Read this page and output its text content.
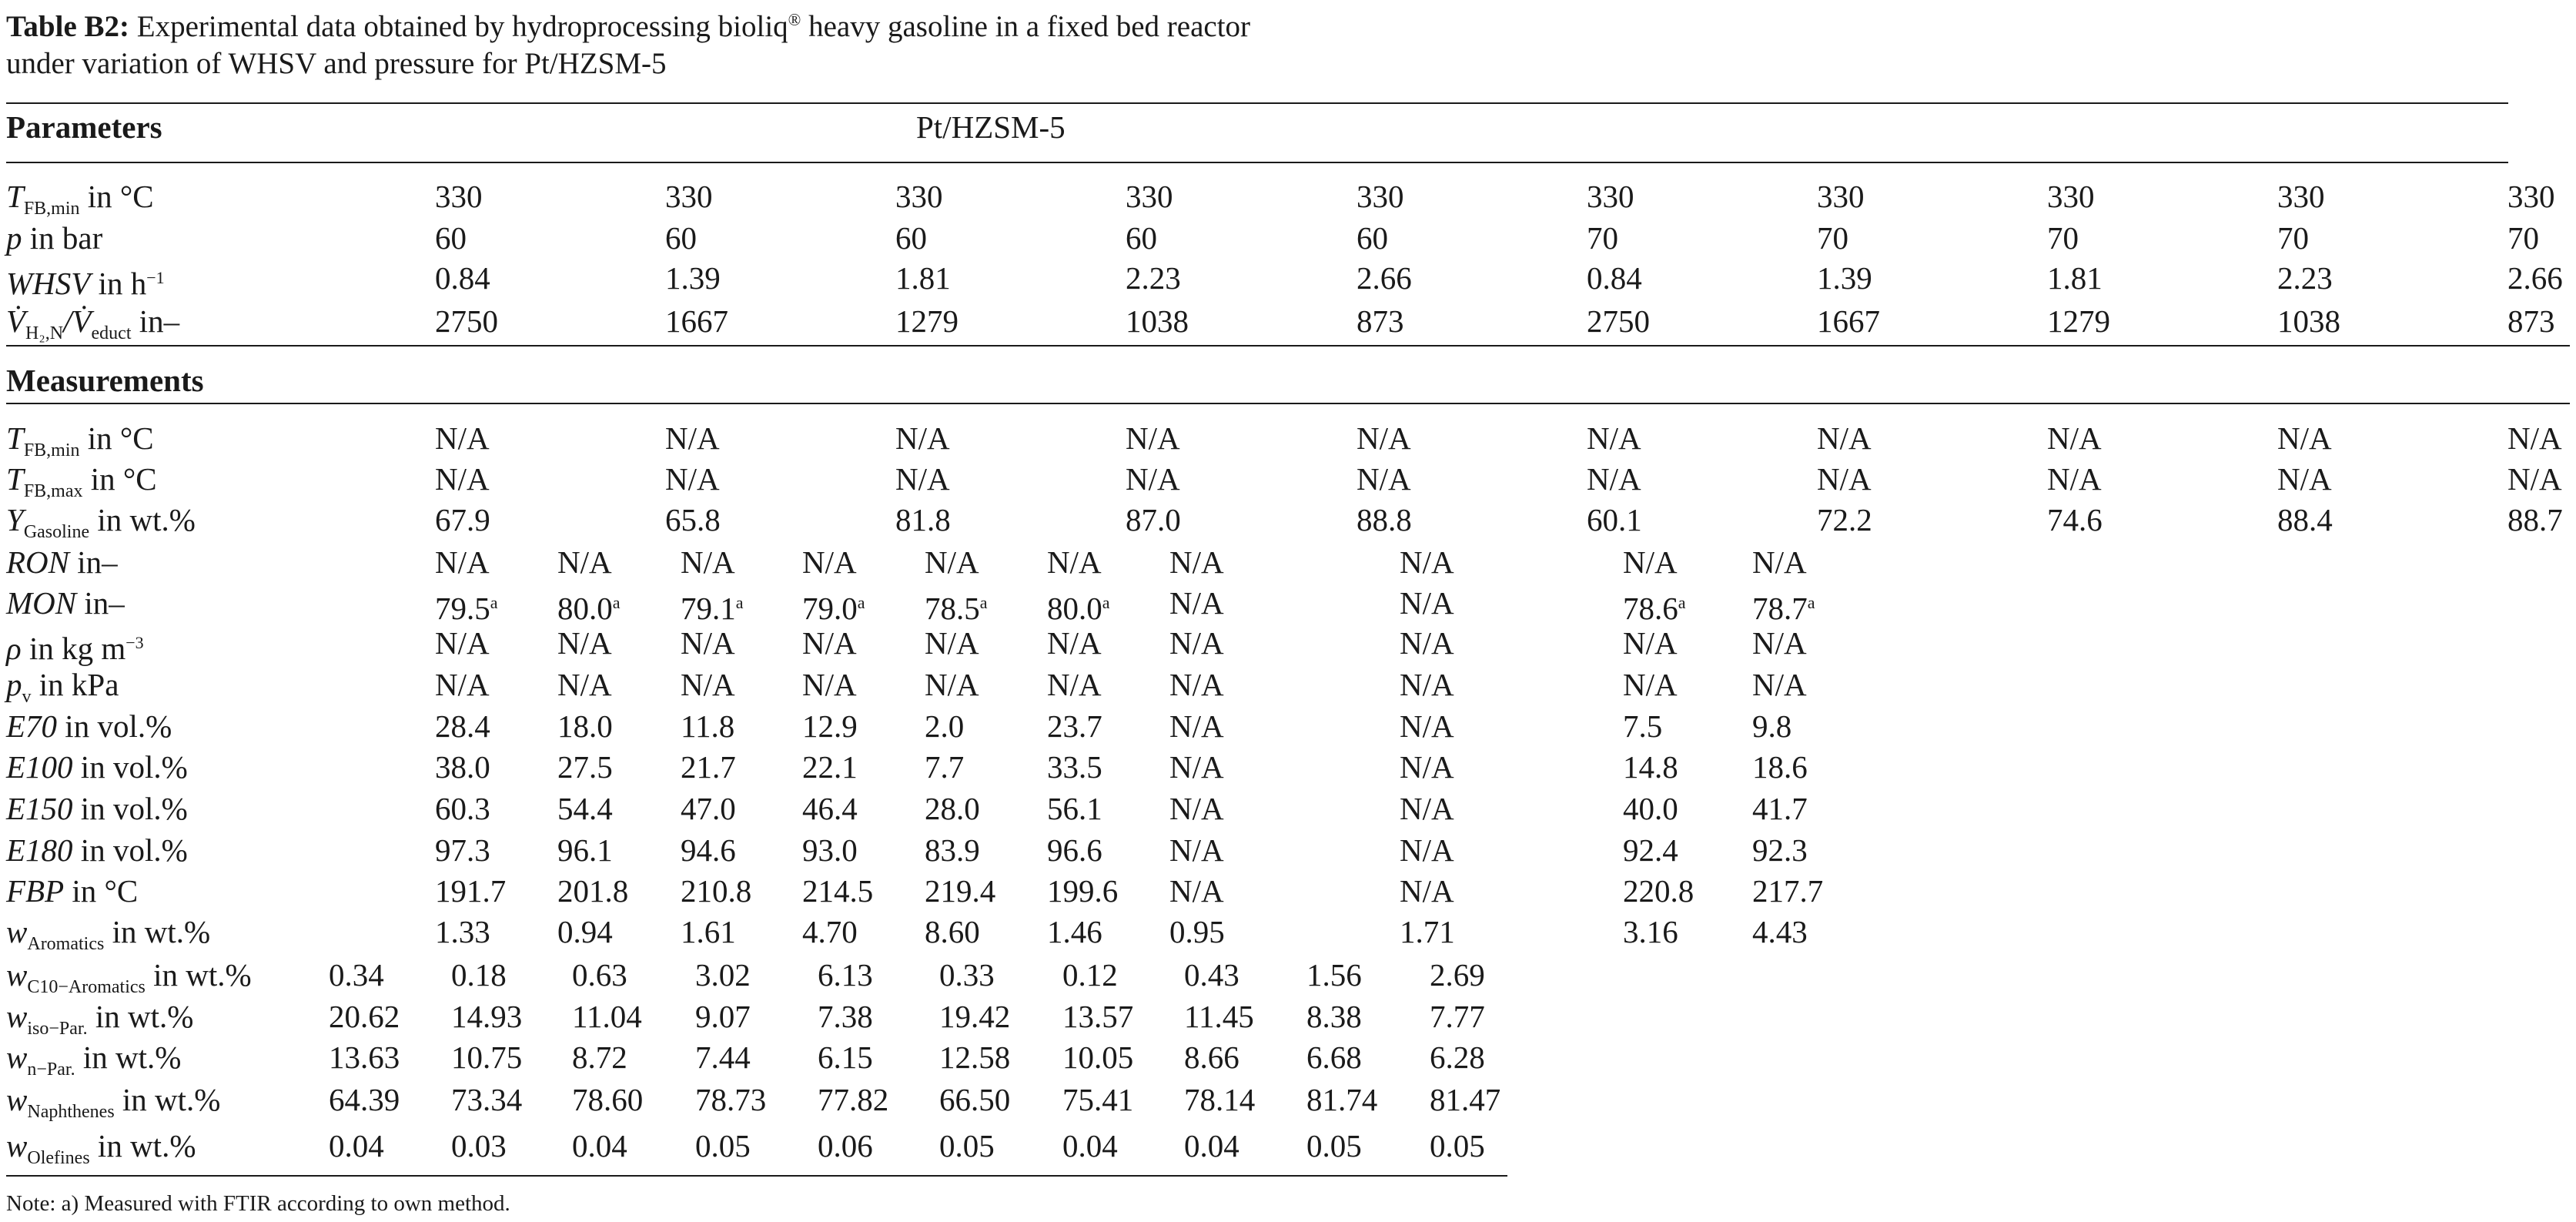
Table B2: Experimental data obtained by hydroprocessing bioliq® heavy gasoline in a fixed bed reactor
under variation of WHSV and pressure for Pt/HZSM-5
Parameters	Pt/HZSM-5
$T_{FB,min}$ in °C	330	330	330	330	330	330	330	330	330	330
p in bar	60	60	60	60	60	70	70	70	70	70
WHSV in $h^{-1}$	0.84	1.39	1.81	2.23	2.66	0.84	1.39	1.81	2.23	2.66
$V̇_{H_2,N}/V̇_{educt}$ in–	2750	1667	1279	1038	873	2750	1667	1279	1038	873
Measurements
$T_{FB,min}$ in °C	N/A	N/A	N/A	N/A	N/A	N/A	N/A	N/A	N/A	N/A
$T_{FB,max}$ in °C	N/A	N/A	N/A	N/A	N/A	N/A	N/A	N/A	N/A	N/A
$Y_{Gasoline}$ in wt.%	67.9	65.8	81.8	87.0	88.8	60.1	72.2	74.6	88.4	88.7
RON in–	N/A N/A N/A N/A N/A N/A N/A	N/A	N/A N/A
MON in–	79.5$^a$ 80.0$^a$ 79.1$^a$ 79.0$^a$ 78.5$^a$ 80.0$^a$ N/A	N/A	78.6$^a$ 78.7$^a$
ρ in kg $m^{-3}$	N/A N/A N/A N/A N/A N/A N/A	N/A	N/A N/A
$p_v$ in kPa	N/A N/A N/A N/A N/A N/A N/A	N/A	N/A N/A
E70 in vol.%	28.4 18.0 11.8 12.9 2.0	23.7 N/A	N/A	7.5	9.8
E100 in vol.%	38.0 27.5 21.7 22.1 7.7	33.5 N/A	N/A	14.8 18.6
E150 in vol.%	60.3 54.4 47.0 46.4 28.0 56.1 N/A	N/A	40.0 41.7
E180 in vol.%	97.3 96.1 94.6 93.0 83.9 96.6 N/A	N/A	92.4 92.3
FBP in °C	191.7 201.8 210.8 214.5 219.4 199.6 N/A	N/A	220.8 217.7
$w_{Aromatics}$ in wt.%	1.33 0.94 1.61 4.70 8.60 1.46 0.95	1.71	3.16 4.43
$w_{C10-Aromatics}$ in wt.% 0.34 0.18 0.63 3.02 6.13 0.33 0.12 0.43 1.56 2.69
$w_{iso-Par.}$ in wt.%	20.62 14.93 11.04 9.07 7.38 19.42 13.57 11.45 8.38 7.77
$w_{n-Par.}$ in wt.%	13.63 10.75 8.72 7.44 6.15 12.58 10.05 8.66 6.68 6.28
$w_{Naphthenes}$ in wt.%	64.39 73.34 78.60 78.73 77.82 66.50 75.41 78.14 81.74 81.47
$w_{Olefines}$ in wt.%	0.04 0.03 0.04 0.05 0.06 0.05 0.04 0.04 0.05 0.05
Note: a) Measured with FTIR according to own method.
